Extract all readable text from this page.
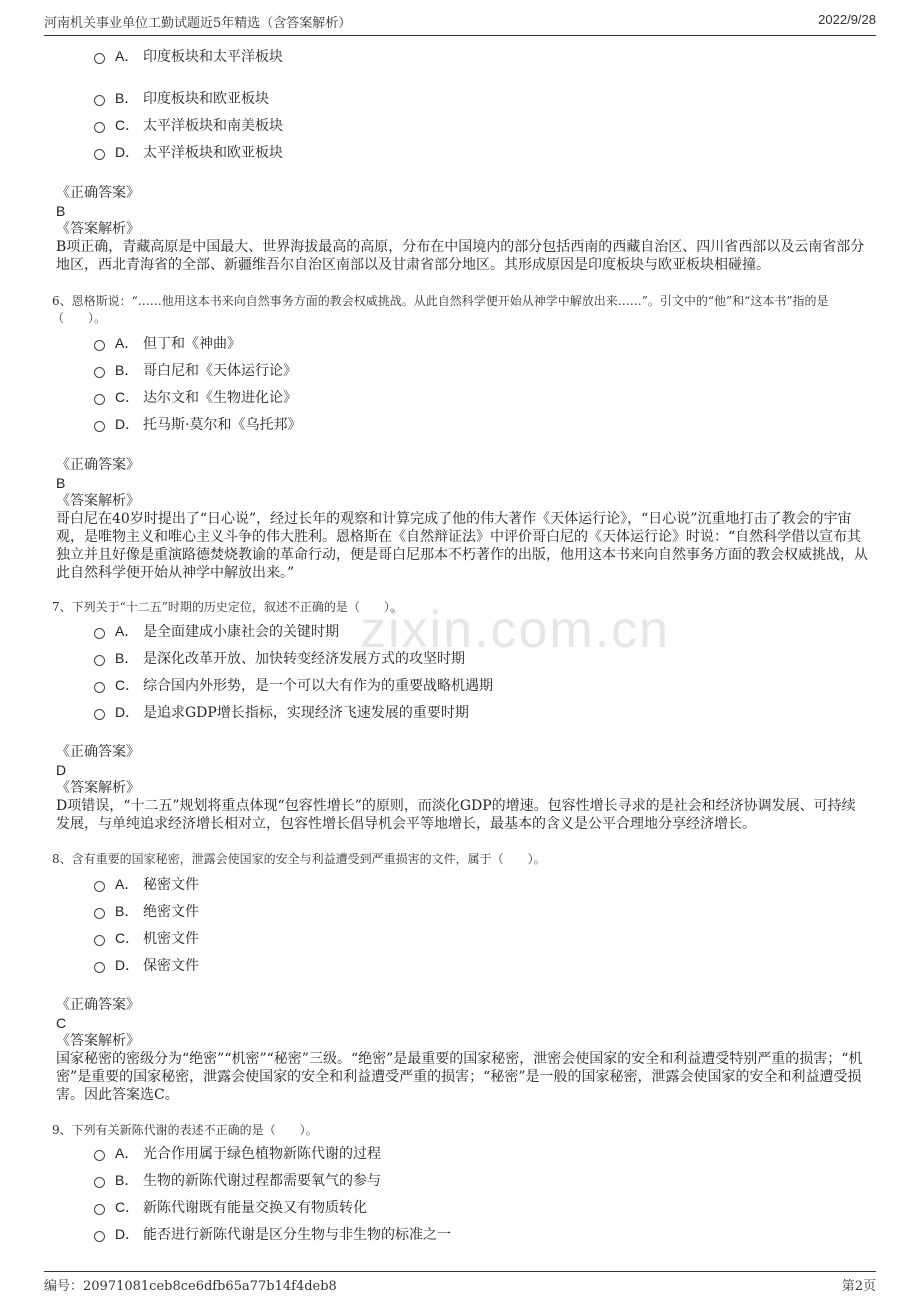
河南机关事业单位工勤试题近5年精选（含答案解析）	2022/9/28
zixin.com.cn
A． 印度板块和太平洋板块
B． 印度板块和欧亚板块
C． 太平洋板块和南美板块
D． 太平洋板块和欧亚板块
《正确答案》
B
《答案解析》
B项正确，青藏高原是中国最大、世界海拔最高的高原，分布在中国境内的部分包括西南的西藏自治区、四川省西部以及云南省部分地区，西北青海省的全部、新疆维吾尔自治区南部以及甘肃省部分地区。其形成原因是印度板块与欧亚板块相碰撞。
6、恩格斯说：“……他用这本书来向自然事务方面的教会权威挑战。从此自然科学便开始从神学中解放出来……”。引文中的“他”和“这本书”指的是（　　）。
A． 但丁和《神曲》
B． 哥白尼和《天体运行论》
C． 达尔文和《生物进化论》
D． 托马斯·莫尔和《乌托邦》
《正确答案》
B
《答案解析》
哥白尼在40岁时提出了“日心说”，经过长年的观察和计算完成了他的伟大著作《天体运行论》，“日心说”沉重地打击了教会的宇宙观，是唯物主义和唯心主义斗争的伟大胜利。恩格斯在《自然辩证法》中评价哥白尼的《天体运行论》时说：“自然科学借以宣布其独立并且好像是重演路德焚烧教谕的革命行动，便是哥白尼那本不朽著作的出版，他用这本书来向自然事务方面的教会权威挑战，从此自然科学便开始从神学中解放出来。”
7、下列关于“十二五”时期的历史定位，叙述不正确的是（　　）。
A． 是全面建成小康社会的关键时期
B． 是深化改革开放、加快转变经济发展方式的攻坚时期
C． 综合国内外形势，是一个可以大有作为的重要战略机遇期
D． 是追求GDP增长指标，实现经济飞速发展的重要时期
《正确答案》
D
《答案解析》
D项错误，“十二五”规划将重点体现“包容性增长”的原则，而淡化GDP的增速。包容性增长寻求的是社会和经济协调发展、可持续发展，与单纯追求经济增长相对立，包容性增长倡导机会平等地增长，最基本的含义是公平合理地分享经济增长。
8、含有重要的国家秘密，泄露会使国家的安全与利益遭受到严重损害的文件，属于（　　）。
A． 秘密文件
B． 绝密文件
C． 机密文件
D． 保密文件
《正确答案》
C
《答案解析》
国家秘密的密级分为“绝密”“机密”“秘密”三级。“绝密”是最重要的国家秘密，泄密会使国家的安全和利益遭受特别严重的损害；“机密”是重要的国家秘密，泄露会使国家的安全和利益遭受严重的损害；“秘密”是一般的国家秘密，泄露会使国家的安全和利益遭受损害。因此答案选C。
9、下列有关新陈代谢的表述不正确的是（　　）。
A． 光合作用属于绿色植物新陈代谢的过程
B． 生物的新陈代谢过程都需要氧气的参与
C． 新陈代谢既有能量交换又有物质转化
D． 能否进行新陈代谢是区分生物与非生物的标准之一
编号：20971081ceb8ce6dfb65a77b14f4deb8	第2页
